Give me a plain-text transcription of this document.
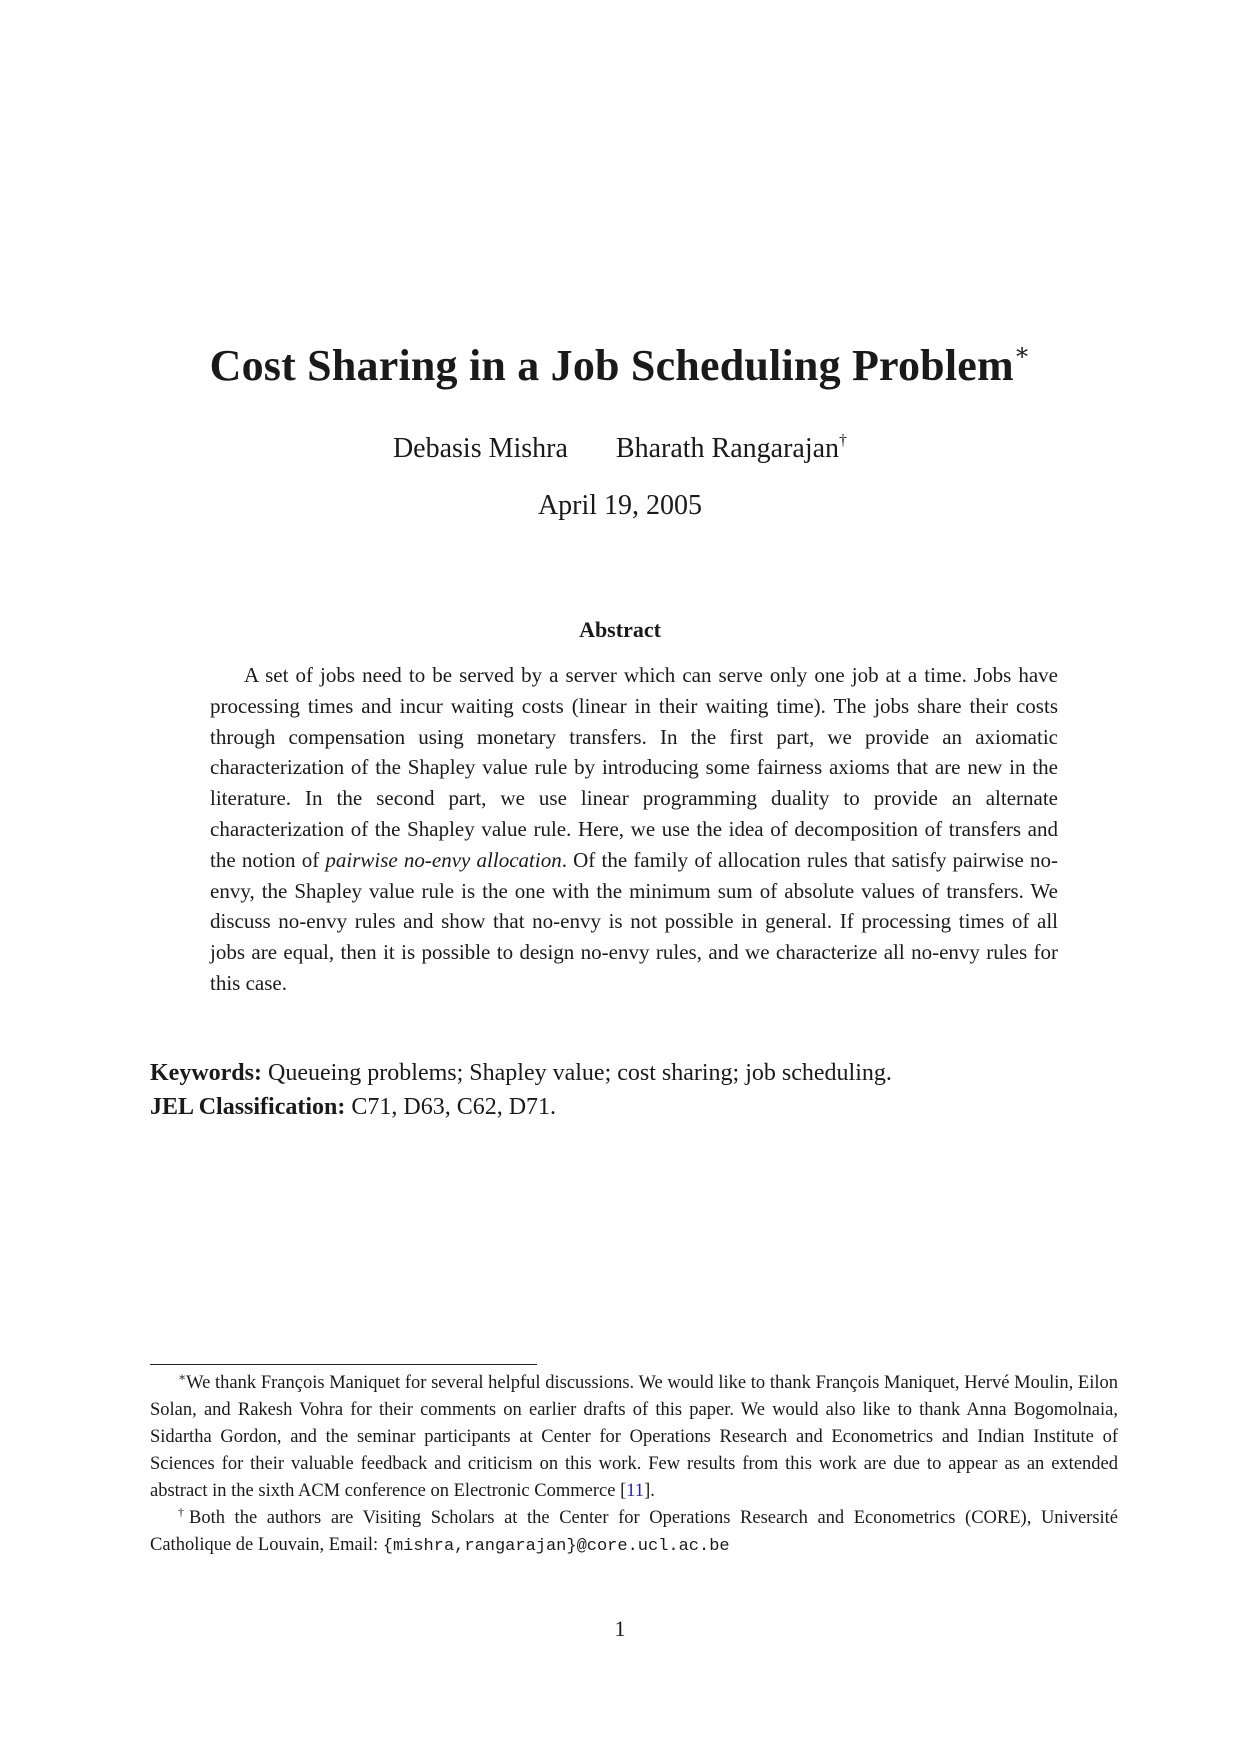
Cost Sharing in a Job Scheduling Problem∗
Debasis Mishra Bharath Rangarajan†
April 19, 2005
Abstract

A set of jobs need to be served by a server which can serve only one job at a time. Jobs have processing times and incur waiting costs (linear in their waiting time). The jobs share their costs through compensation using monetary transfers. In the first part, we provide an axiomatic characterization of the Shapley value rule by introducing some fairness axioms that are new in the literature. In the second part, we use linear programming duality to provide an alternate characterization of the Shapley value rule. Here, we use the idea of decomposition of transfers and the notion of pairwise no-envy allocation. Of the family of allocation rules that satisfy pairwise no-envy, the Shapley value rule is the one with the minimum sum of absolute values of transfers. We discuss no-envy rules and show that no-envy is not possible in general. If processing times of all jobs are equal, then it is possible to design no-envy rules, and we characterize all no-envy rules for this case.

Keywords: Queueing problems; Shapley value; cost sharing; job scheduling.
JEL Classification: C71, D63, C62, D71.

∗We thank François Maniquet for several helpful discussions. We would like to thank François Maniquet, Hervé Moulin, Eilon Solan, and Rakesh Vohra for their comments on earlier drafts of this paper. We would also like to thank Anna Bogomolnaia, Sidartha Gordon, and the seminar participants at Center for Operations Research and Econometrics and Indian Institute of Sciences for their valuable feedback and criticism on this work. Few results from this work are due to appear as an extended abstract in the sixth ACM conference on Electronic Commerce [11].

†Both the authors are Visiting Scholars at the Center for Operations Research and Econometrics (CORE), Université Catholique de Louvain, Email: {mishra,rangarajan}@core.ucl.ac.be

1
